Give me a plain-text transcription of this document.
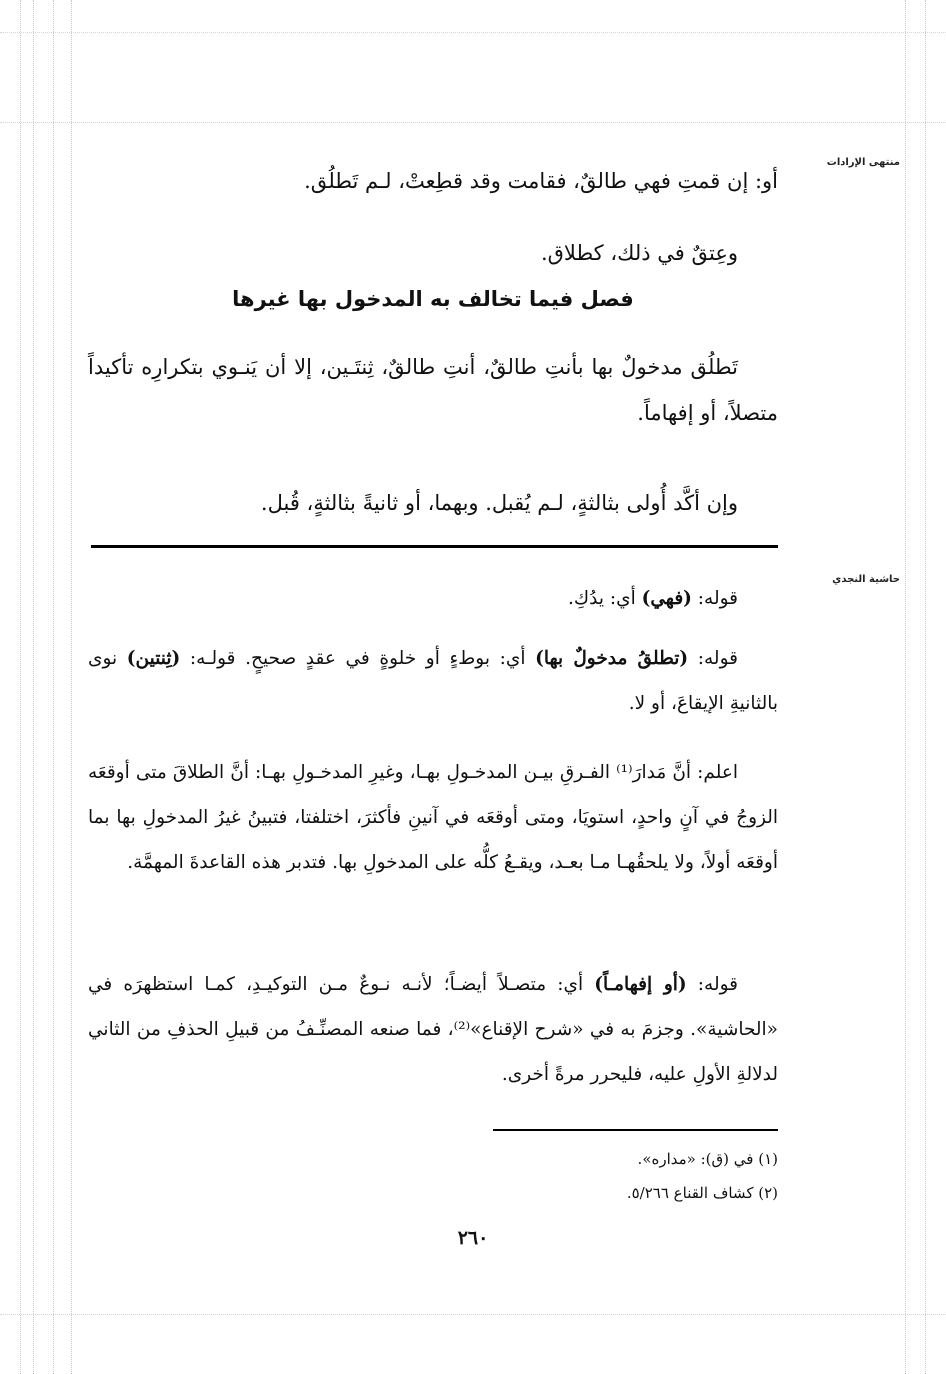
منتهى الإرادات
حاشية النجدي

أو: إن قمتِ فهي طالقٌ، فقامت وقد قطِعتْ، لـم تَطلُق.

وعِتقٌ في ذلك، كطلاق.

فصل فيما تخالف به المدخول بها غيرها

تَطلُق مدخولٌ بها بأنتِ طالقٌ، أنتِ طالقٌ، ثِنتَـين، إلا أن يَنـوي بتكرارِه تأكيداً متصلاً، أو إفهاماً.

وإن أكَّد أُولى بثالثةٍ، لـم يُقبل. وبهما، أو ثانيةً بثالثةٍ، قُبل.

قوله: (فهي) أي: يدُكِ.

قوله: (تطلقُ مدخولٌ بها) أي: بوطءٍ أو خلوةٍ في عقدٍ صحيحٍ. قولـه: (ثِنتين) نوى بالثانيةِ الإيقاعَ، أو لا.

اعلم: أنَّ مَدارَ⁽¹⁾ الفـرقِ بيـن المدخـولِ بهـا، وغيرِ المدخـولِ بهـا: أنَّ الطلاقَ متى أوقعَه الزوجُ في آنٍ واحدٍ، استويَا، ومتى أوقعَه في آنينِ فأكثرَ، اختلفتا، فتبينُ غيرُ المدخولِ بها بما أوقعَه أولاً، ولا يلحقُهـا مـا بعـد، ويقـعُ كلُّه على المدخولِ بها. فتدبر هذه القاعدةَ المهمَّة.

قوله: (أو إفهامـاً) أي: متصـلاً أيضـاً؛ لأنـه نـوعٌ مـن التوكيـدِ، كمـا استظهرَه في «الحاشية». وجزمَ به في «شرح الإقناع»⁽²⁾، فما صنعه المصنِّـفُ من قبيلِ الحذفِ من الثاني لدلالةِ الأولِ عليه، فليحرر مرةً أخرى.

(١) في (ق): «مداره».
(٢) كشاف القناع ٥/٢٦٦.
٢٦٠
